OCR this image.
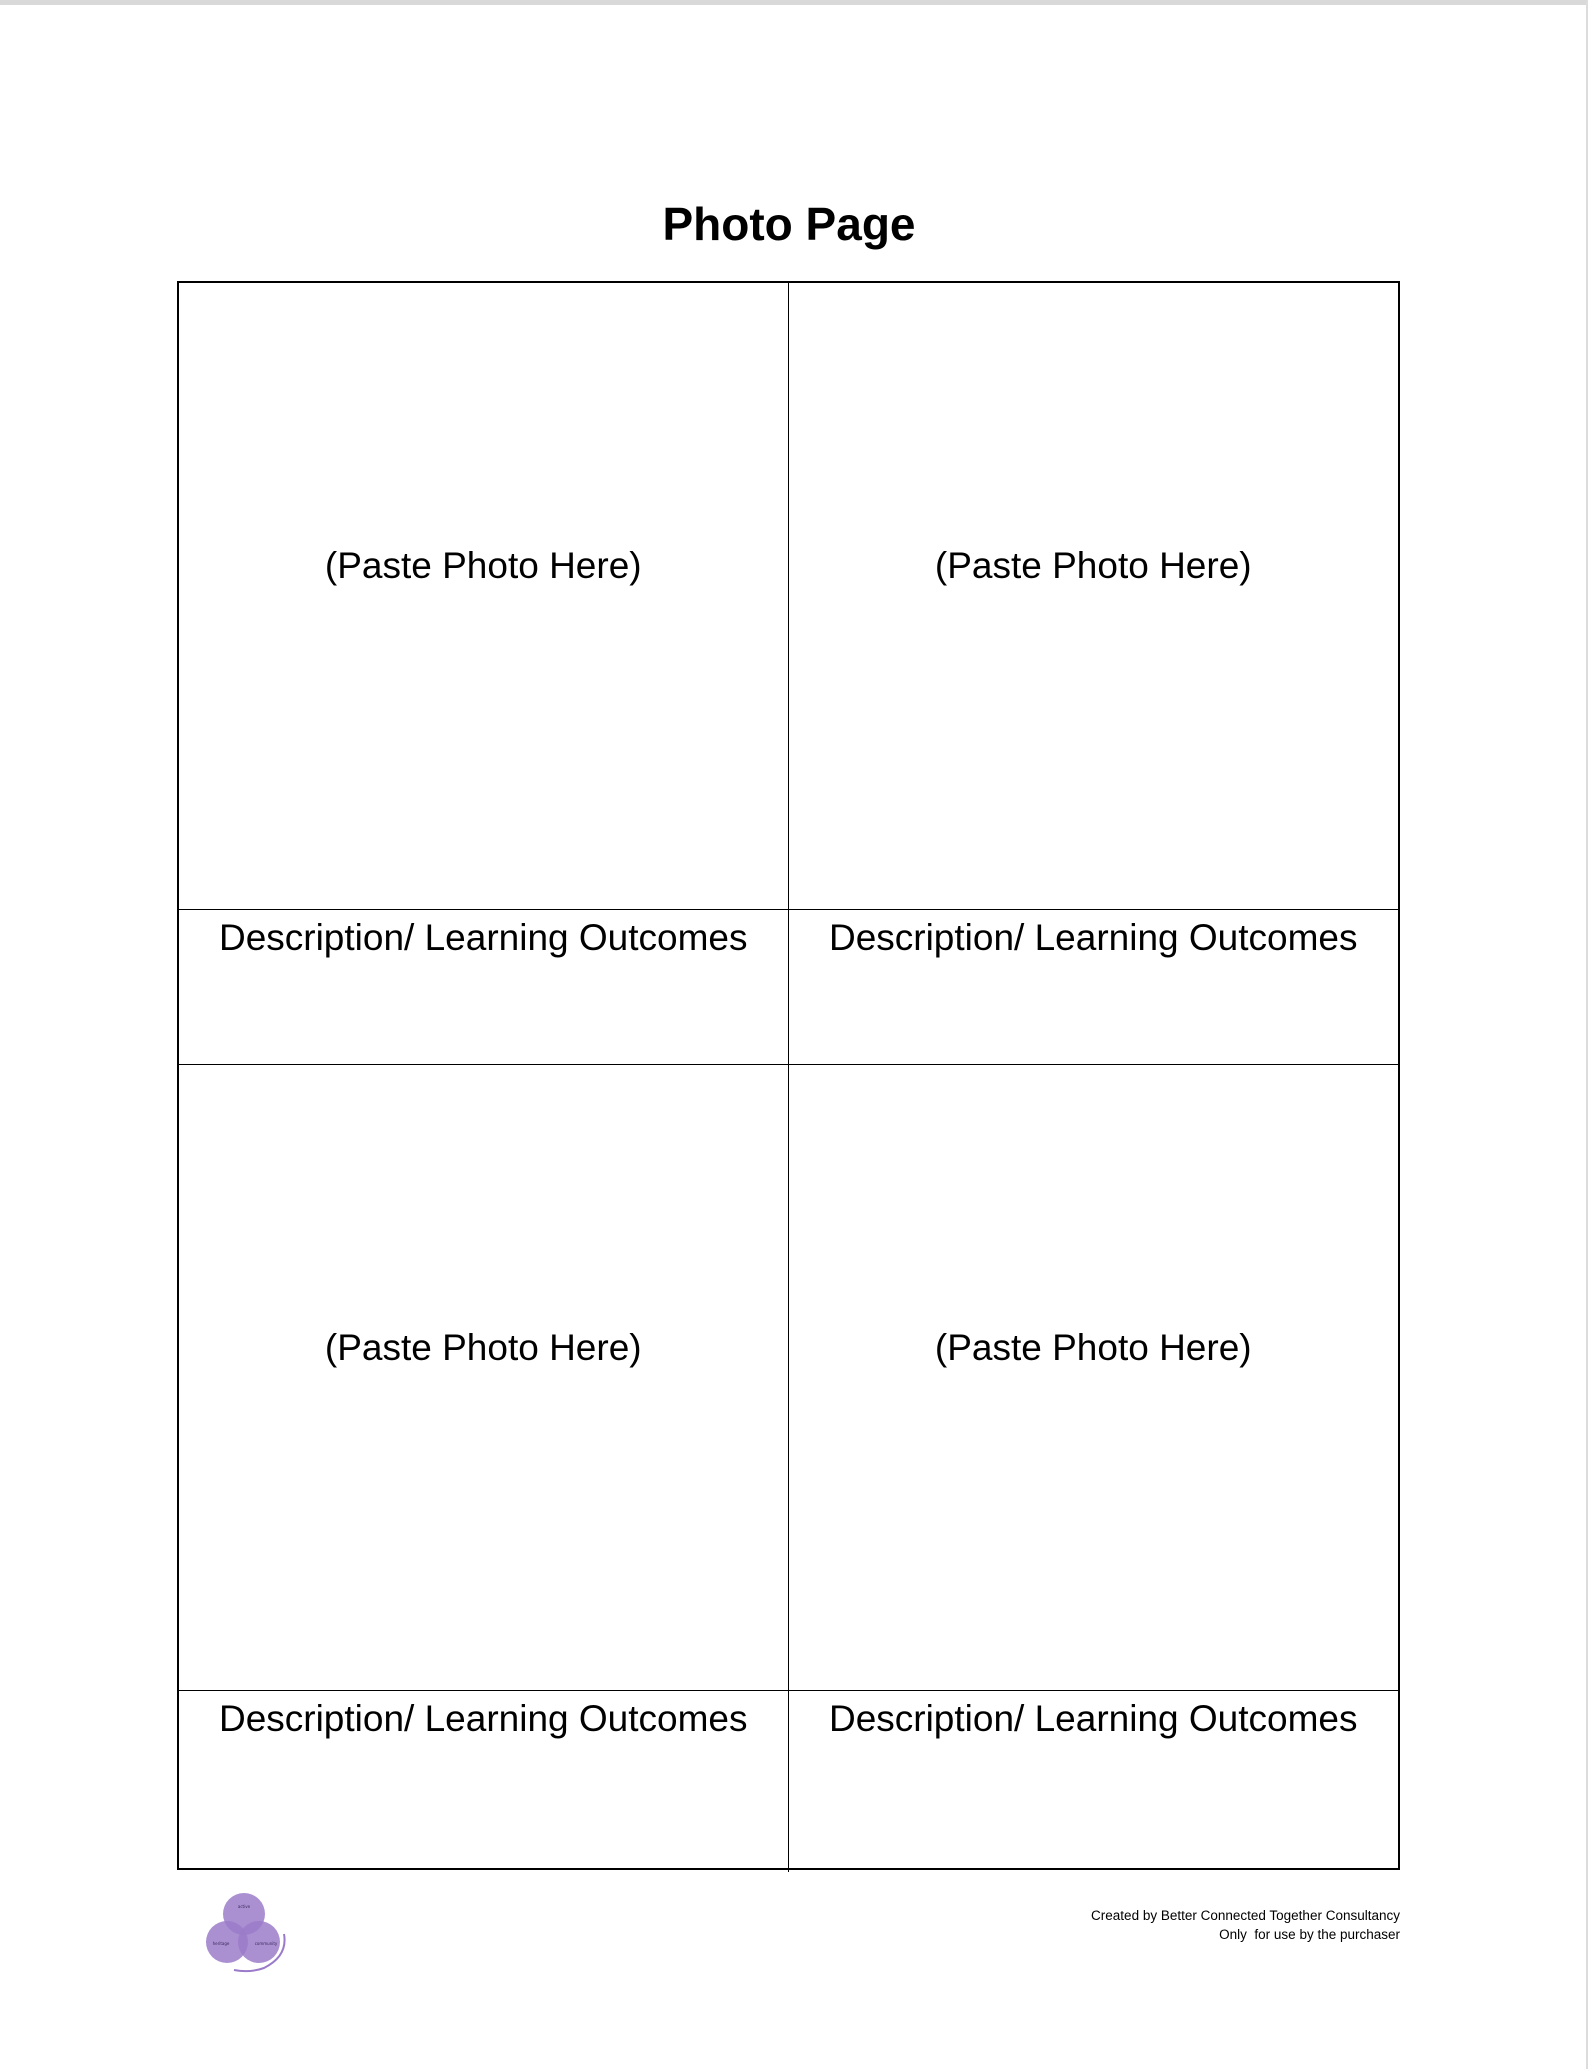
Photo Page
(Paste Photo Here)	(Paste Photo Here)
Description/ Learning Outcomes	Description/ Learning Outcomes
(Paste Photo Here)	(Paste Photo Here)
Description/ Learning Outcomes	Description/ Learning Outcomes
active
heritage	community
Created by Better Connected Together Consultancy
Only  for use by the purchaser
